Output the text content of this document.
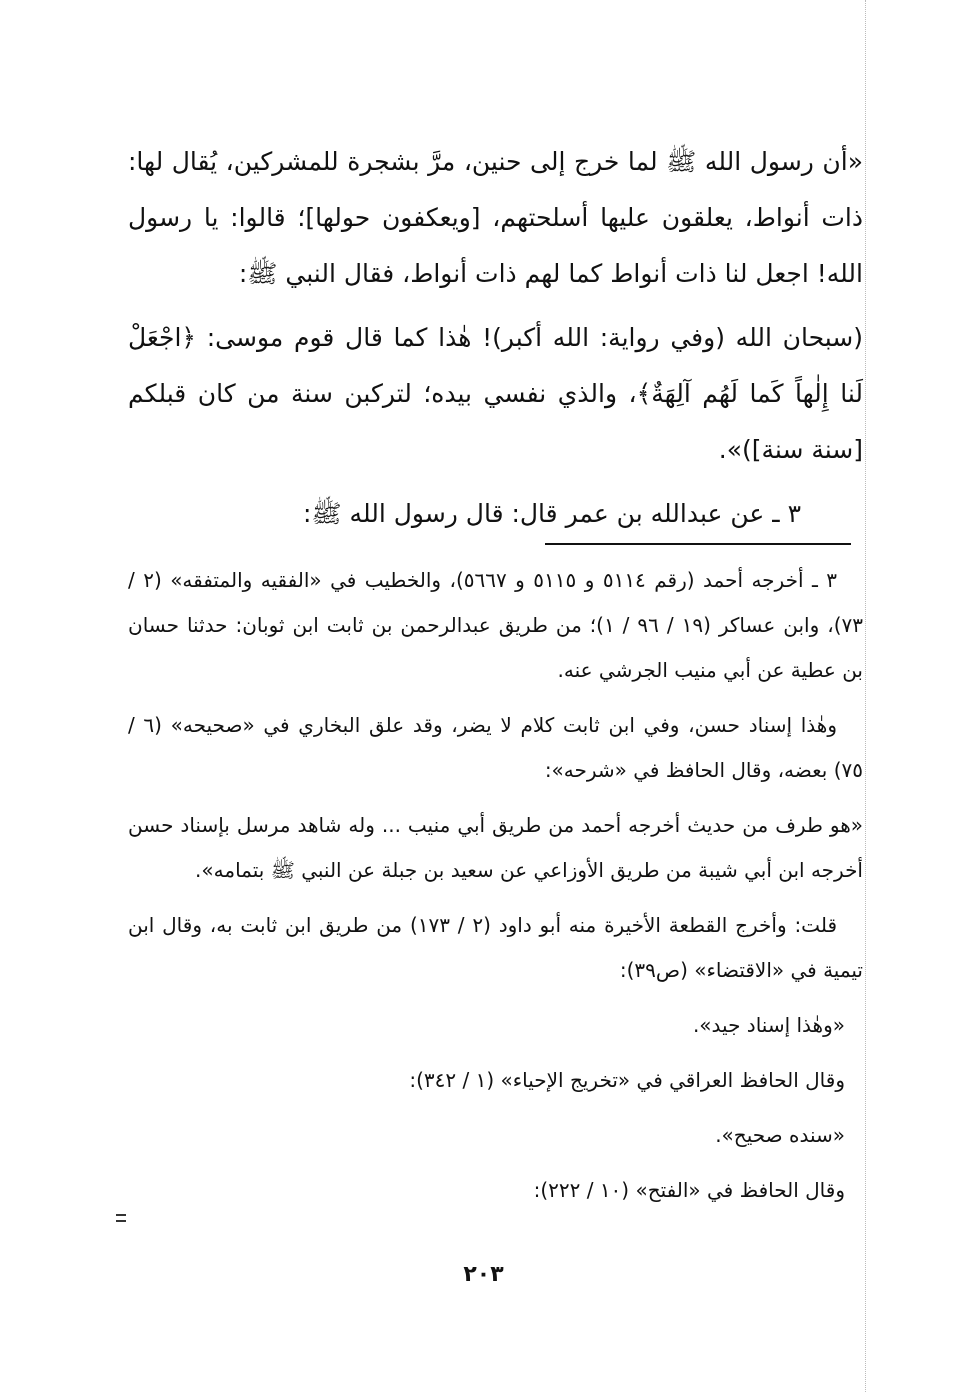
«أن رسول الله ﷺ لما خرج إلى حنين، مرَّ بشجرة للمشركين، يُقال لها: ذات أنواط، يعلقون عليها أسلحتهم، [ويعكفون حولها]؛ قالوا: يا رسول الله! اجعل لنا ذات أنواط كما لهم ذات أنواط، فقال النبي ﷺ:

(سبحان الله (وفي رواية: الله أكبر)! هٰذا كما قال قوم موسى: ﴿اجْعَلْ لَنا إِلٰهاً كَما لَهُم آلِهَةٌ﴾، والذي نفسي بيده؛ لتركبن سنة من كان قبلكم [سنة سنة])».

٣ ـ عن عبدالله بن عمر قال: قال رسول الله ﷺ:

٣ ـ أخرجه أحمد (رقم ٥١١٤ و ٥١١٥ و ٥٦٦٧)، والخطيب في «الفقيه والمتفقه» (٢ / ٧٣)، وابن عساكر (١٩ / ٩٦ / ١)؛ من طريق عبدالرحمن بن ثابت ابن ثوبان: حدثنا حسان بن عطية عن أبي منيب الجرشي عنه.

وهٰذا إسناد حسن، وفي ابن ثابت كلام لا يضر، وقد علق البخاري في «صحيحه» (٦ / ٧٥) بعضه، وقال الحافظ في «شرحه»:

«هو طرف من حديث أخرجه أحمد من طريق أبي منيب ... وله شاهد مرسل بإسناد حسن أخرجه ابن أبي شيبة من طريق الأوزاعي عن سعيد بن جبلة عن النبي ﷺ بتمامه».

قلت: وأخرج القطعة الأخيرة منه أبو داود (٢ / ١٧٣) من طريق ابن ثابت به، وقال ابن تيمية في «الاقتضاء» (ص٣٩):

«وهٰذا إسناد جيد».

وقال الحافظ العراقي في «تخريج الإحياء» (١ / ٣٤٢):

«سنده صحيح».

وقال الحافظ في «الفتح» (١٠ / ٢٢٢):

٢٠٣
